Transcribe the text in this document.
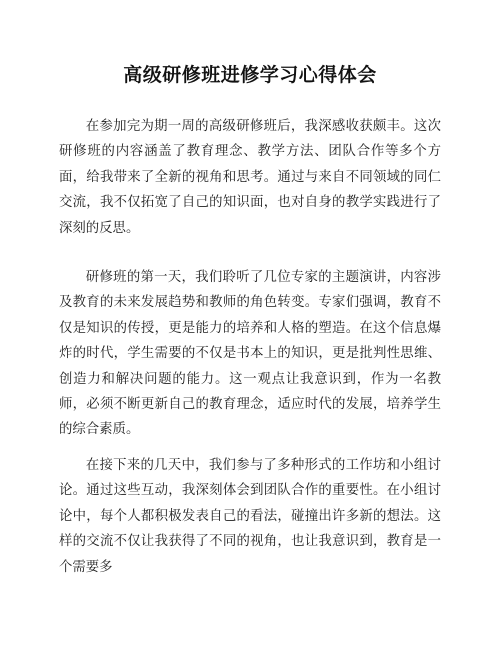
高级研修班进修学习心得体会

在参加完为期一周的高级研修班后，我深感收获颇丰。这次研修班的内容涵盖了教育理念、教学方法、团队合作等多个方面，给我带来了全新的视角和思考。通过与来自不同领域的同仁交流，我不仅拓宽了自己的知识面，也对自身的教学实践进行了深刻的反思。

研修班的第一天，我们聆听了几位专家的主题演讲，内容涉及教育的未来发展趋势和教师的角色转变。专家们强调，教育不仅是知识的传授，更是能力的培养和人格的塑造。在这个信息爆炸的时代，学生需要的不仅是书本上的知识，更是批判性思维、创造力和解决问题的能力。这一观点让我意识到，作为一名教师，必须不断更新自己的教育理念，适应时代的发展，培养学生的综合素质。

在接下来的几天中，我们参与了多种形式的工作坊和小组讨论。通过这些互动，我深刻体会到团队合作的重要性。在小组讨论中，每个人都积极发表自己的看法，碰撞出许多新的想法。这样的交流不仅让我获得了不同的视角，也让我意识到，教育是一个需要多
